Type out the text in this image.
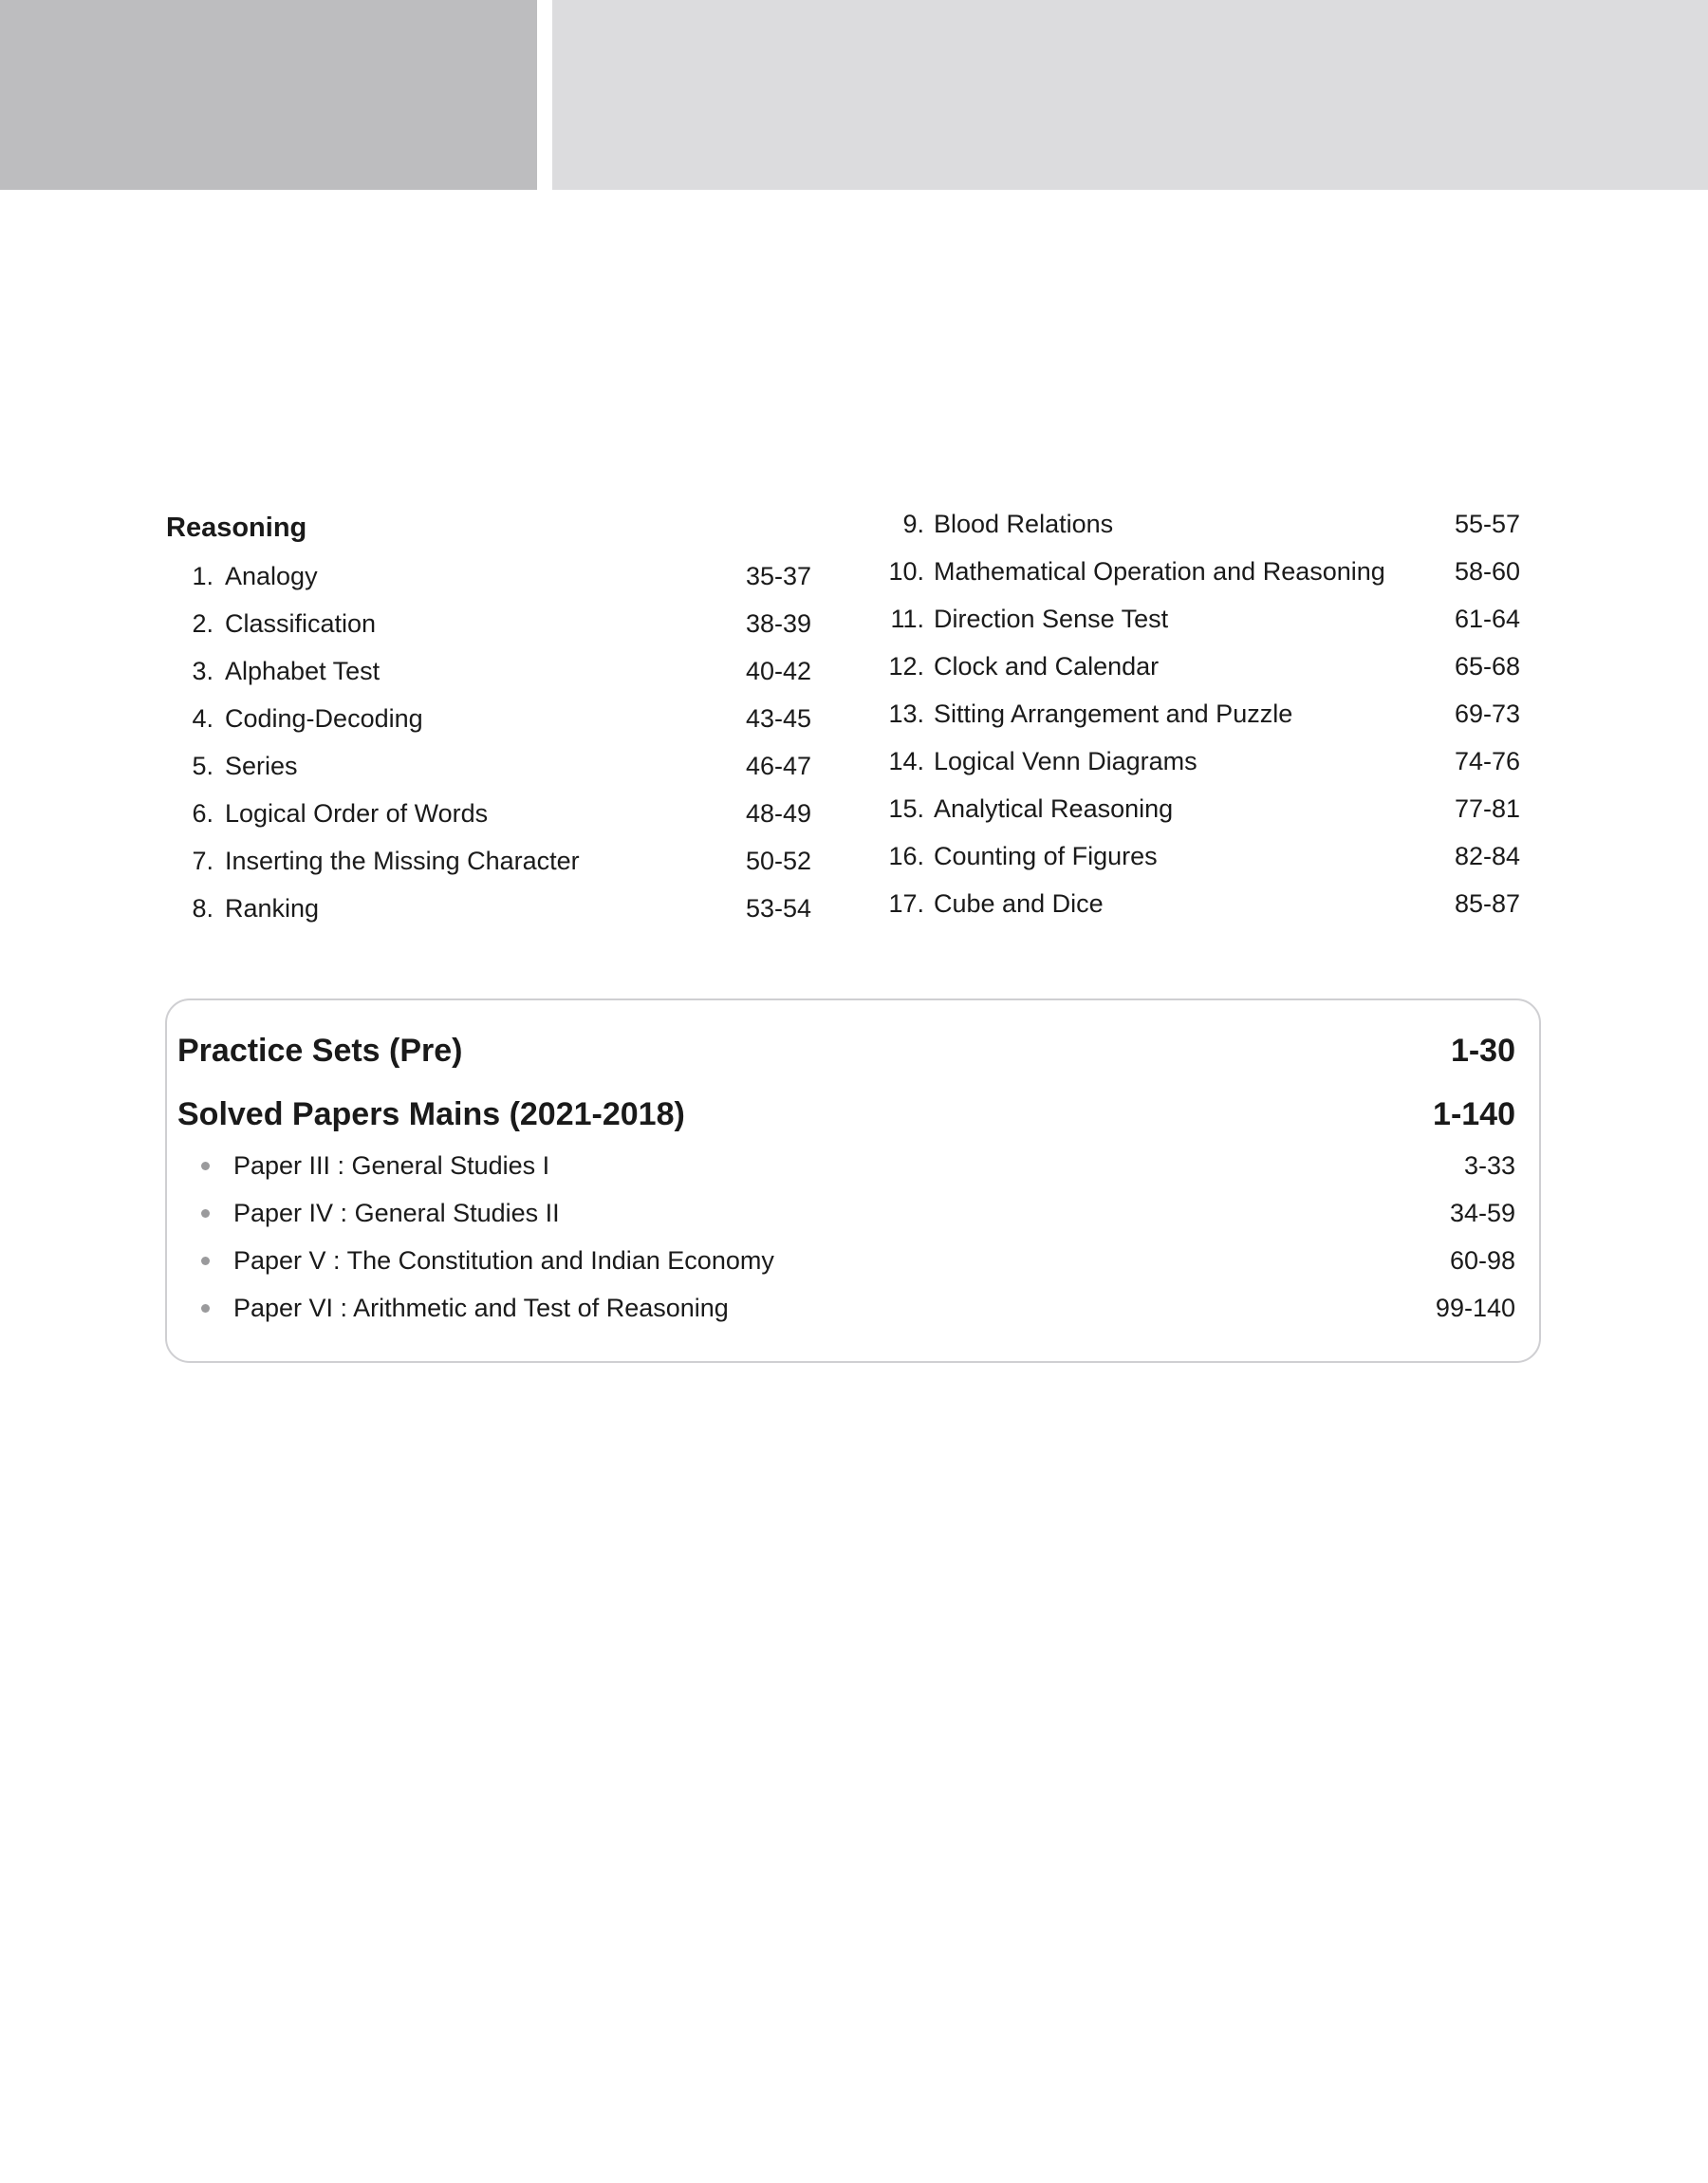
Reasoning
1. Analogy	35-37
2. Classification	38-39
3. Alphabet Test	40-42
4. Coding-Decoding	43-45
5. Series	46-47
6. Logical Order of Words	48-49
7. Inserting the Missing Character	50-52
8. Ranking	53-54
9. Blood Relations	55-57
10. Mathematical Operation and Reasoning	58-60
11. Direction Sense Test	61-64
12. Clock and Calendar	65-68
13. Sitting Arrangement and Puzzle	69-73
14. Logical Venn Diagrams	74-76
15. Analytical Reasoning	77-81
16. Counting of Figures	82-84
17. Cube and Dice	85-87
Practice Sets (Pre)	1-30
Solved Papers Mains (2021-2018)	1-140
Paper III : General Studies I	3-33
Paper IV : General Studies II	34-59
Paper V : The Constitution and Indian Economy	60-98
Paper VI : Arithmetic and Test of Reasoning	99-140
